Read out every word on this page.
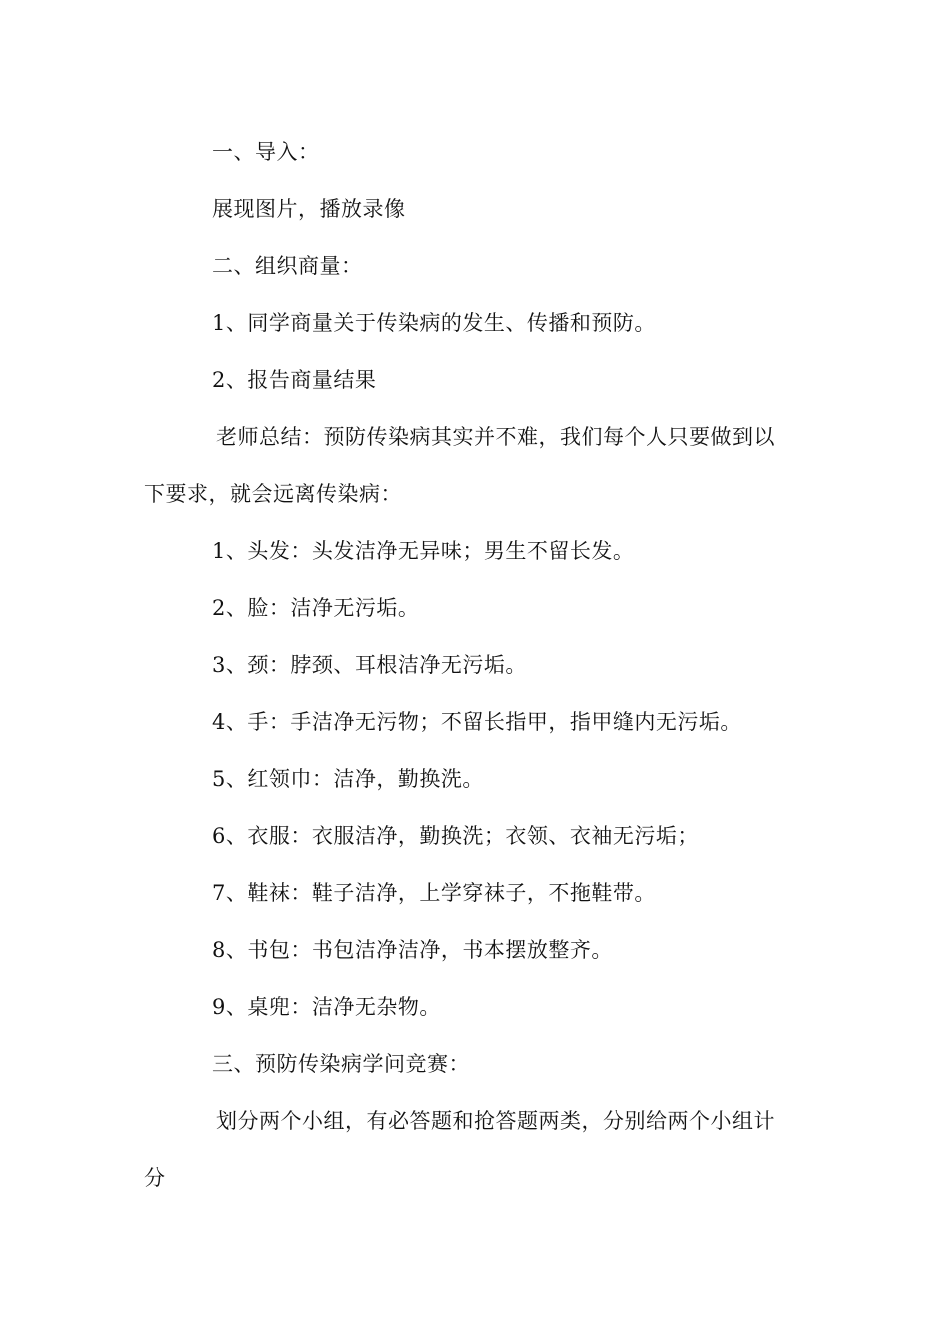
一、导入：
展现图片，播放录像
二、组织商量：
1、同学商量关于传染病的发生、传播和预防。
2、报告商量结果
老师总结：预防传染病其实并不难，我们每个人只要做到以
下要求，就会远离传染病：
1、头发：头发洁净无异味；男生不留长发。
2、脸：洁净无污垢。
3、颈：脖颈、耳根洁净无污垢。
4、手：手洁净无污物；不留长指甲，指甲缝内无污垢。
5、红领巾：洁净，勤换洗。
6、衣服：衣服洁净，勤换洗；衣领、衣袖无污垢；
7、鞋袜：鞋子洁净，上学穿袜子，不拖鞋带。
8、书包：书包洁净洁净，书本摆放整齐。
9、桌兜：洁净无杂物。
三、预防传染病学问竞赛：
划分两个小组，有必答题和抢答题两类，分别给两个小组计
分
